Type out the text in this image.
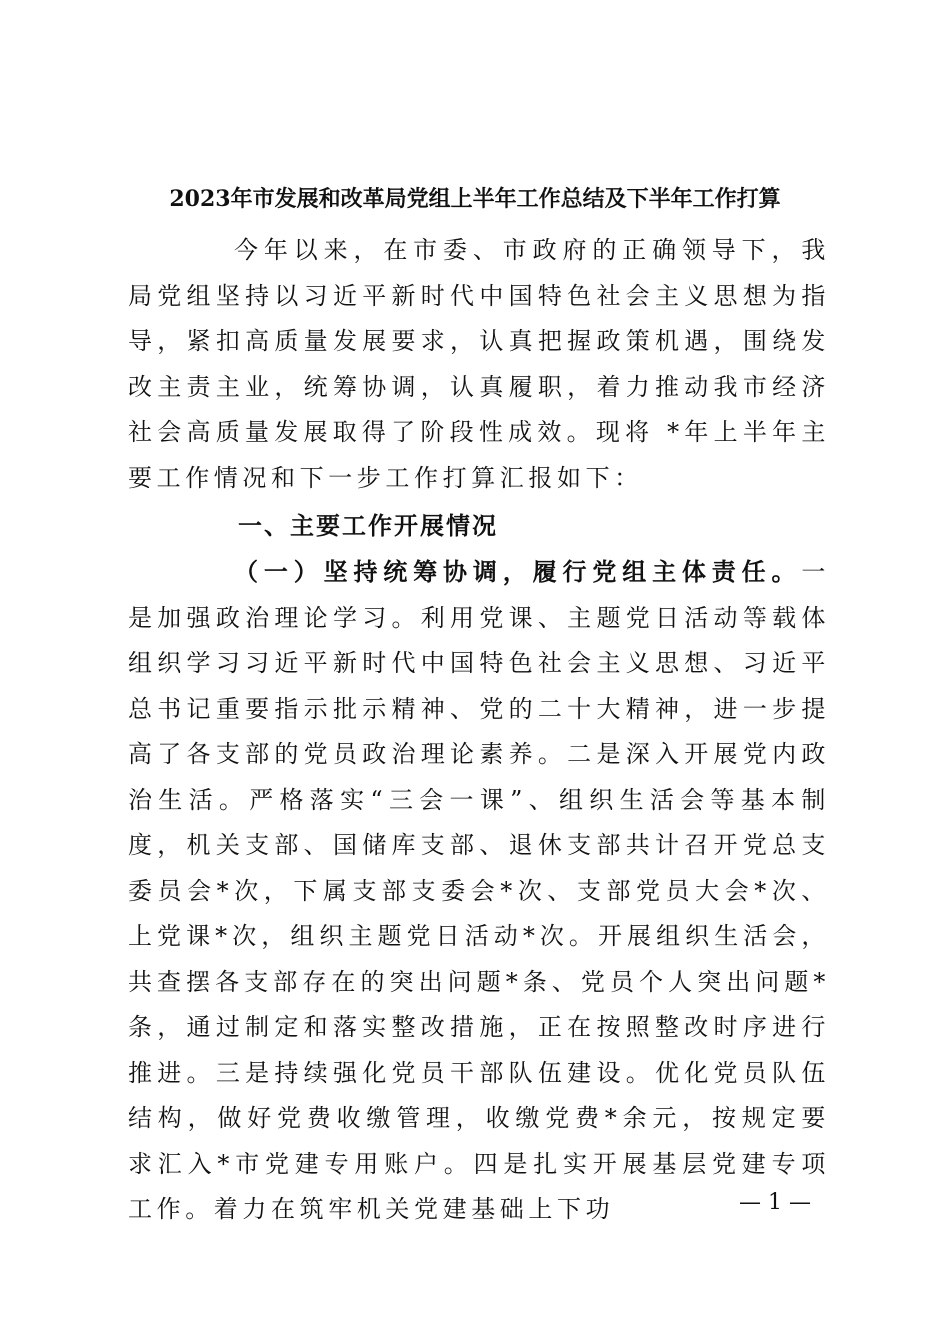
2023年市发展和改革局党组上半年工作总结及下半年工作打算

今年以来，在市委、市政府的正确领导下，我局党组坚持以习近平新时代中国特色社会主义思想为指导，紧扣高质量发展要求，认真把握政策机遇，围绕发改主责主业，统筹协调，认真履职，着力推动我市经济社会高质量发展取得了阶段性成效。现将 *年上半年主要工作情况和下一步工作打算汇报如下：

一、主要工作开展情况

（一）坚持统筹协调，履行党组主体责任。一是加强政治理论学习。利用党课、主题党日活动等载体组织学习习近平新时代中国特色社会主义思想、习近平总书记重要指示批示精神、党的二十大精神，进一步提高了各支部的党员政治理论素养。二是深入开展党内政治生活。严格落实“三会一课”、组织生活会等基本制度，机关支部、国储库支部、退休支部共计召开党总支委员会*次，下属支部支委会*次、支部党员大会*次、上党课*次，组织主题党日活动*次。开展组织生活会，共查摆各支部存在的突出问题*条、党员个人突出问题*条，通过制定和落实整改措施，正在按照整改时序进行推进。三是持续强化党员干部队伍建设。优化党员队伍结构，做好党费收缴管理，收缴党费*余元，按规定要求汇入*市党建专用账户。四是扎实开展基层党建专项工作。着力在筑牢机关党建基础上下功	— 1 —
